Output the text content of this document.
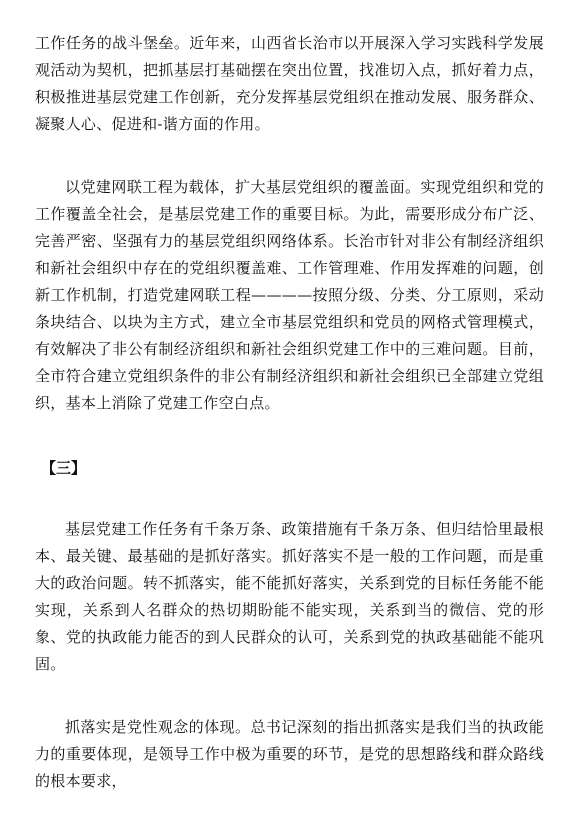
工作任务的战斗堡垒。近年来，山西省长治市以开展深入学习实践科学发展观活动为契机，把抓基层打基础摆在突出位置，找准切入点，抓好着力点，积极推进基层党建工作创新，充分发挥基层党组织在推动发展、服务群众、凝聚人心、促进和-谐方面的作用。

以党建网联工程为载体，扩大基层党组织的覆盖面。实现党组织和党的工作覆盖全社会，是基层党建工作的重要目标。为此，需要形成分布广泛、完善严密、坚强有力的基层党组织网络体系。长治市针对非公有制经济组织和新社会组织中存在的党组织覆盖难、工作管理难、作用发挥难的问题，创新工作机制，打造党建网联工程————按照分级、分类、分工原则，采动条块结合、以块为主方式，建立全市基层党组织和党员的网格式管理模式，有效解决了非公有制经济组织和新社会组织党建工作中的三难问题。目前，全市符合建立党组织条件的非公有制经济组织和新社会组织已全部建立党组织，基本上消除了党建工作空白点。

【三】

基层党建工作任务有千条万条、政策措施有千条万条、但归结恰里最根本、最关键、最基础的是抓好落实。抓好落实不是一般的工作问题，而是重大的政治问题。转不抓落实，能不能抓好落实，关系到党的目标任务能不能实现，关系到人名群众的热切期盼能不能实现，关系到当的微信、党的形象、党的执政能力能否的到人民群众的认可，关系到党的执政基础能不能巩固。

抓落实是党性观念的体现。总书记深刻的指出抓落实是我们当的执政能力的重要体现，是领导工作中极为重要的环节，是党的思想路线和群众路线的根本要求，
